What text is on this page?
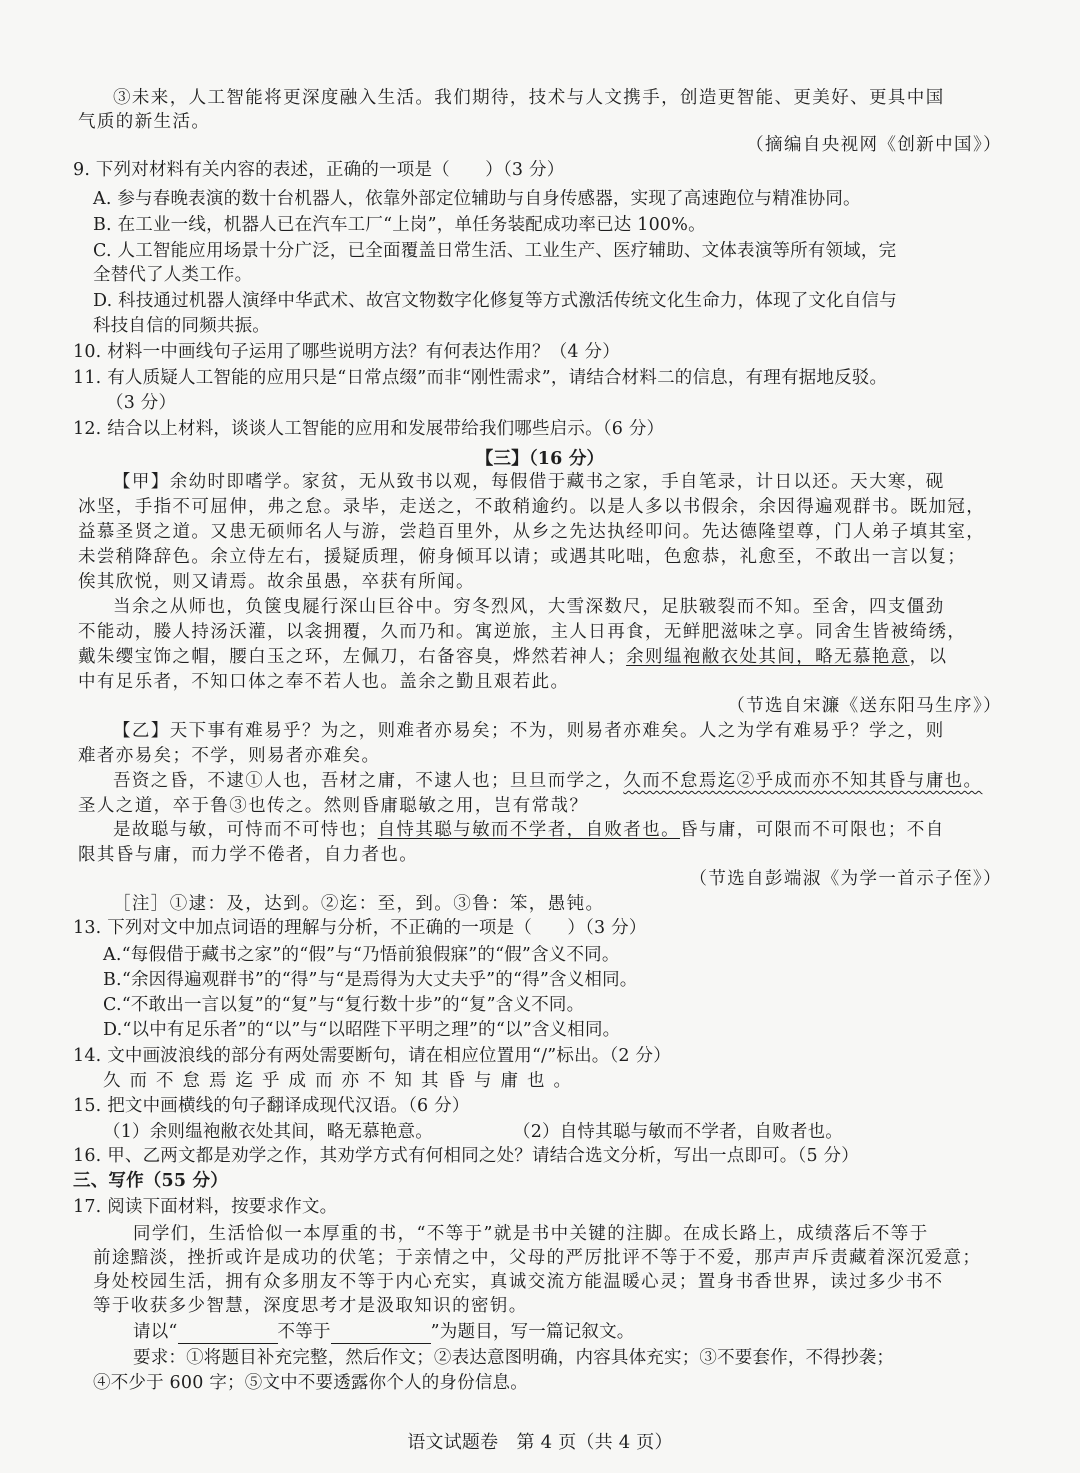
③未来，人工智能将更深度融入生活。我们期待，技术与人文携手，创造更智能、更美好、更具中国
气质的新生活。
（摘编自央视网《创新中国》）
9. 下列对材料有关内容的表述，正确的一项是（　　）（3 分）
A. 参与春晚表演的数十台机器人，依靠外部定位辅助与自身传感器，实现了高速跑位与精准协同。
B. 在工业一线，机器人已在汽车工厂“上岗”，单任务装配成功率已达 100%。
C. 人工智能应用场景十分广泛，已全面覆盖日常生活、工业生产、医疗辅助、文体表演等所有领域，完
全替代了人类工作。
D. 科技通过机器人演绎中华武术、故宫文物数字化修复等方式激活传统文化生命力，体现了文化自信与
科技自信的同频共振。
10. 材料一中画线句子运用了哪些说明方法？有何表达作用？（4 分）
11. 有人质疑人工智能的应用只是“日常点缀”而非“刚性需求”，请结合材料二的信息，有理有据地反驳。
（3 分）
12. 结合以上材料，谈谈人工智能的应用和发展带给我们哪些启示。（6 分）
【三】（16 分）
【甲】余幼时即嗜学。家贫，无从致书以观，每假借于藏书之家，手自笔录，计日以还。天大寒，砚
冰坚，手指不可屈伸，弗之怠。录毕，走送之，不敢稍逾约。以是人多以书假余，余因得遍观群书。既加冠，
益慕圣贤之道。又患无硕师名人与游，尝趋百里外，从乡之先达执经叩问。先达德隆望尊，门人弟子填其室，
未尝稍降辞色。余立侍左右，援疑质理，俯身倾耳以请；或遇其叱咄，色愈恭，礼愈至，不敢出一言以复；
俟其欣悦，则又请焉。故余虽愚，卒获有所闻。
当余之从师也，负箧曳屣行深山巨谷中。穷冬烈风，大雪深数尺，足肤皲裂而不知。至舍，四支僵劲
不能动，媵人持汤沃灌，以衾拥覆，久而乃和。寓逆旅，主人日再食，无鲜肥滋味之享。同舍生皆被绮绣，
戴朱缨宝饰之帽，腰白玉之环，左佩刀，右备容臭，烨然若神人；余则缊袍敝衣处其间，略无慕艳意，以
中有足乐者，不知口体之奉不若人也。盖余之勤且艰若此。
（节选自宋濂《送东阳马生序》）
【乙】天下事有难易乎？为之，则难者亦易矣；不为，则易者亦难矣。人之为学有难易乎？学之，则
难者亦易矣；不学，则易者亦难矣。
吾资之昏，不逮①人也，吾材之庸，不逮人也；旦旦而学之，久而不怠焉迄②乎成而亦不知其昏与庸也。
圣人之道，卒于鲁③也传之。然则昏庸聪敏之用，岂有常哉？
是故聪与敏，可恃而不可恃也；自恃其聪与敏而不学者，自败者也。昏与庸，可限而不可限也；不自
限其昏与庸，而力学不倦者，自力者也。
（节选自彭端淑《为学一首示子侄》）
［注］①逮：及，达到。②迄：至，到。③鲁：笨，愚钝。
13. 下列对文中加点词语的理解与分析，不正确的一项是（　　）（3 分）
A.“每假借于藏书之家”的“假”与“乃悟前狼假寐”的“假”含义不同。
B.“余因得遍观群书”的“得”与“是焉得为大丈夫乎”的“得”含义相同。
C.“不敢出一言以复”的“复”与“复行数十步”的“复”含义不同。
D.“以中有足乐者”的“以”与“以昭陛下平明之理”的“以”含义相同。
14. 文中画波浪线的部分有两处需要断句，请在相应位置用“/”标出。（2 分）
久而不怠焉迄乎成而亦不知其昏与庸也。
15. 把文中画横线的句子翻译成现代汉语。（6 分）
（1）余则缊袍敝衣处其间，略无慕艳意。	（2）自恃其聪与敏而不学者，自败者也。
16. 甲、乙两文都是劝学之作，其劝学方式有何相同之处？请结合选文分析，写出一点即可。（5 分）
三、写作（55 分）
17. 阅读下面材料，按要求作文。
同学们，生活恰似一本厚重的书，“不等于”就是书中关键的注脚。在成长路上，成绩落后不等于
前途黯淡，挫折或许是成功的伏笔；于亲情之中，父母的严厉批评不等于不爱，那声声斥责藏着深沉爱意；
身处校园生活，拥有众多朋友不等于内心充实，真诚交流方能温暖心灵；置身书香世界，读过多少书不
等于收获多少智慧，深度思考才是汲取知识的密钥。
请以“	不等于	”为题目，写一篇记叙文。
要求：①将题目补充完整，然后作文；②表达意图明确，内容具体充实；③不要套作，不得抄袭；
④不少于 600 字；⑤文中不要透露你个人的身份信息。
语文试题卷　第 4 页（共 4 页）
